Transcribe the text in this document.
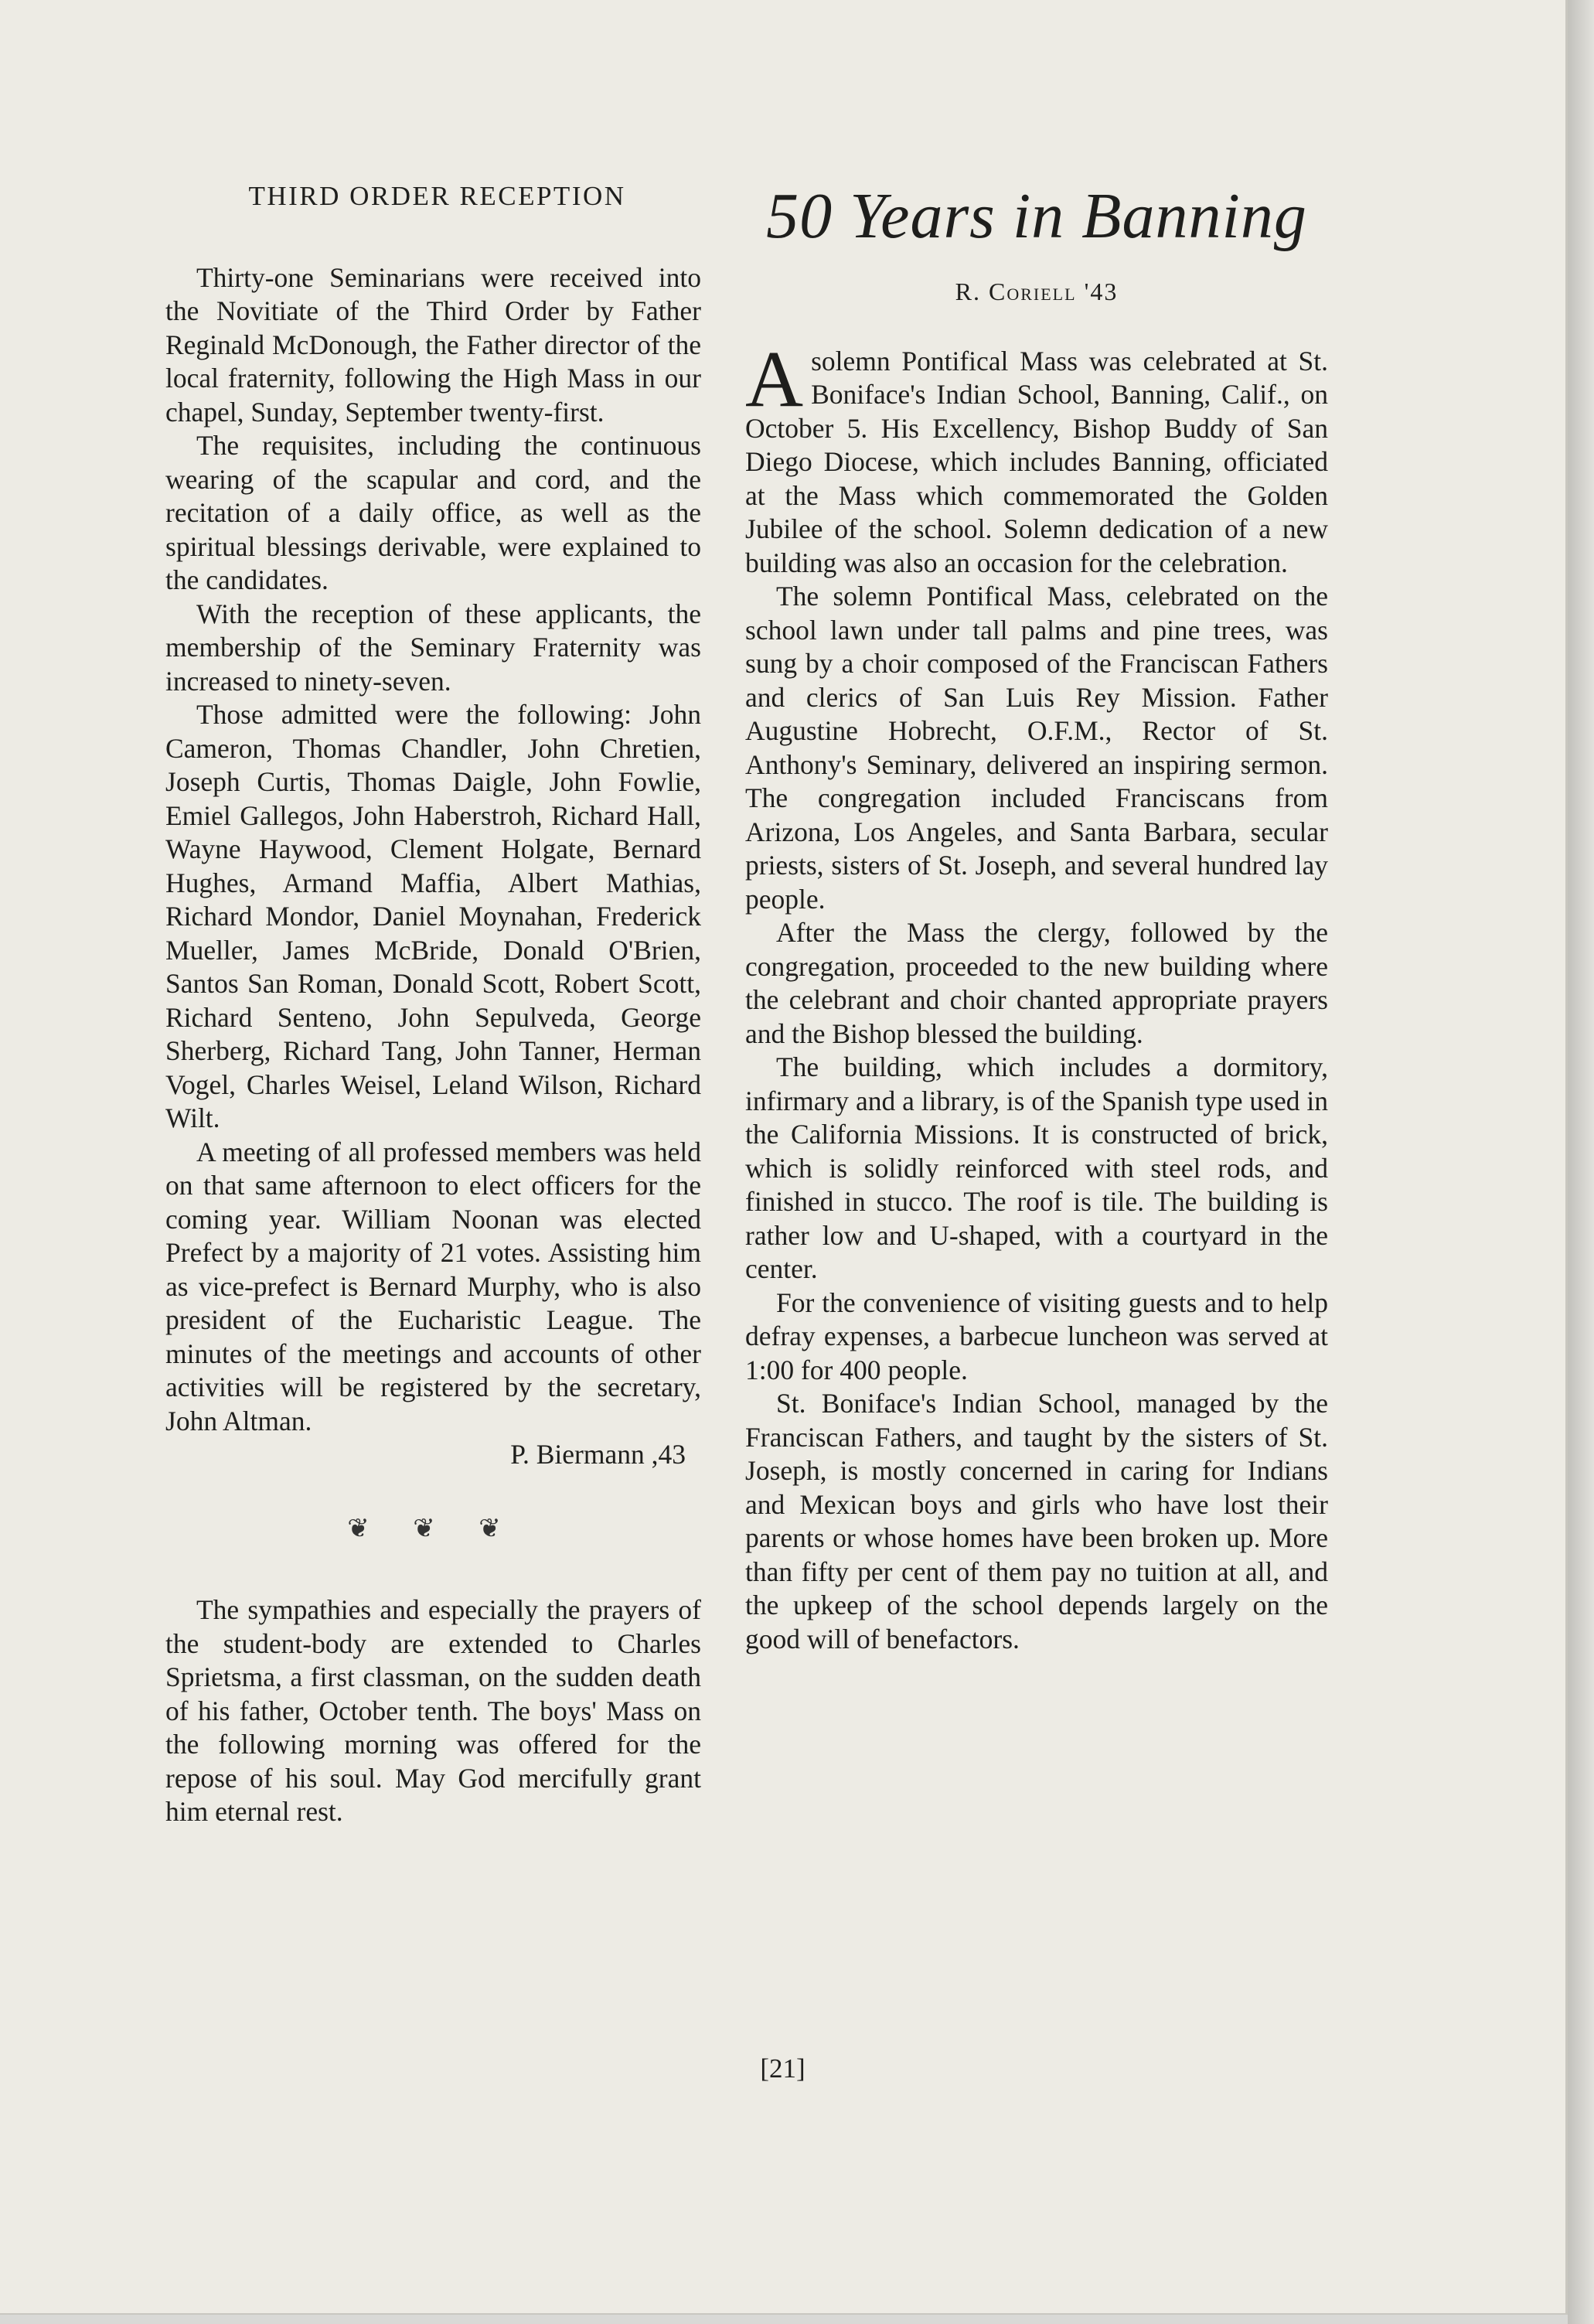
THIRD ORDER RECEPTION

Thirty-one Seminarians were received into the Novitiate of the Third Order by Father Reginald McDonough, the Father director of the local fraternity, following the High Mass in our chapel, Sunday, September twenty-first.

The requisites, including the continuous wearing of the scapular and cord, and the recitation of a daily office, as well as the spiritual blessings derivable, were explained to the candidates.

With the reception of these applicants, the membership of the Seminary Fraternity was increased to ninety-seven.

Those admitted were the following: John Cameron, Thomas Chandler, John Chretien, Joseph Curtis, Thomas Daigle, John Fowlie, Emiel Gallegos, John Haberstroh, Richard Hall, Wayne Haywood, Clement Holgate, Bernard Hughes, Armand Maffia, Albert Mathias, Richard Mondor, Daniel Moynahan, Frederick Mueller, James McBride, Donald O'Brien, Santos San Roman, Donald Scott, Robert Scott, Richard Senteno, John Sepulveda, George Sherberg, Richard Tang, John Tanner, Herman Vogel, Charles Weisel, Leland Wilson, Richard Wilt.

A meeting of all professed members was held on that same afternoon to elect officers for the coming year. William Noonan was elected Prefect by a majority of 21 votes. Assisting him as vice-prefect is Bernard Murphy, who is also president of the Eucharistic League. The minutes of the meetings and accounts of other activities will be registered by the secretary, John Altman.

P. Biermann ,43
❦ ❦ ❦

The sympathies and especially the prayers of the student-body are extended to Charles Sprietsma, a first classman, on the sudden death of his father, October tenth. The boys' Mass on the following morning was offered for the repose of his soul. May God mercifully grant him eternal rest.

50 Years in Banning
R. Coriell '43

Asolemn Pontifical Mass was celebrated at St. Boniface's Indian School, Banning, Calif., on October 5. His Excellency, Bishop Buddy of San Diego Diocese, which includes Banning, officiated at the Mass which commemorated the Golden Jubilee of the school. Solemn dedication of a new building was also an occasion for the celebration.

The solemn Pontifical Mass, celebrated on the school lawn under tall palms and pine trees, was sung by a choir composed of the Franciscan Fathers and clerics of San Luis Rey Mission. Father Augustine Hobrecht, O.F.M., Rector of St. Anthony's Seminary, delivered an inspiring sermon. The congregation included Franciscans from Arizona, Los Angeles, and Santa Barbara, secular priests, sisters of St. Joseph, and several hundred lay people.

After the Mass the clergy, followed by the congregation, proceeded to the new building where the celebrant and choir chanted appropriate prayers and the Bishop blessed the building.

The building, which includes a dormitory, infirmary and a library, is of the Spanish type used in the California Missions. It is constructed of brick, which is solidly reinforced with steel rods, and finished in stucco. The roof is tile. The building is rather low and U-shaped, with a courtyard in the center.

For the convenience of visiting guests and to help defray expenses, a barbecue luncheon was served at 1:00 for 400 people.

St. Boniface's Indian School, managed by the Franciscan Fathers, and taught by the sisters of St. Joseph, is mostly concerned in caring for Indians and Mexican boys and girls who have lost their parents or whose homes have been broken up. More than fifty per cent of them pay no tuition at all, and the upkeep of the school depends largely on the good will of benefactors.

[21]
